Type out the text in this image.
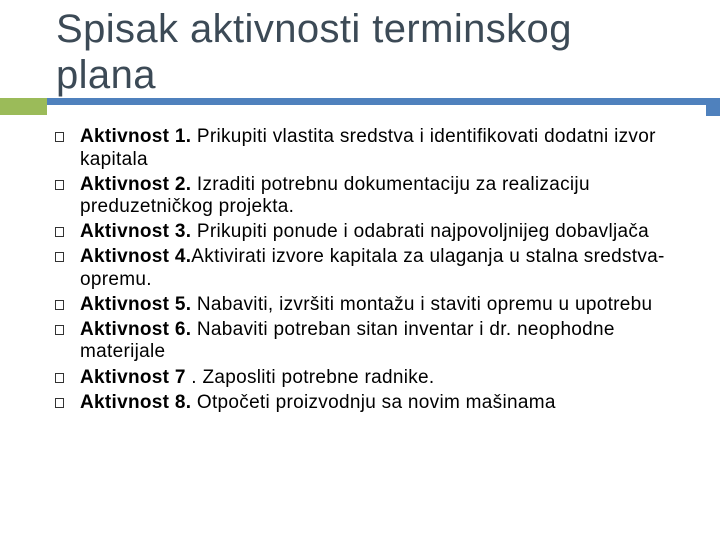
Spisak aktivnosti terminskog plana
Aktivnost 1. Prikupiti vlastita sredstva i identifikovati dodatni izvor kapitala
Aktivnost 2. Izraditi potrebnu dokumentaciju za realizaciju preduzetničkog projekta.
Aktivnost 3. Prikupiti ponude i odabrati najpovoljnijeg dobavljača
Aktivnost 4.Aktivirati izvore kapitala za ulaganja u stalna sredstva-opremu.
Aktivnost 5. Nabaviti, izvršiti montažu i staviti opremu u upotrebu
Aktivnost 6. Nabaviti potreban sitan inventar i dr. neophodne materijale
Aktivnost 7 . Zaposliti potrebne radnike.
Aktivnost 8. Otpočeti proizvodnju sa novim mašinama
